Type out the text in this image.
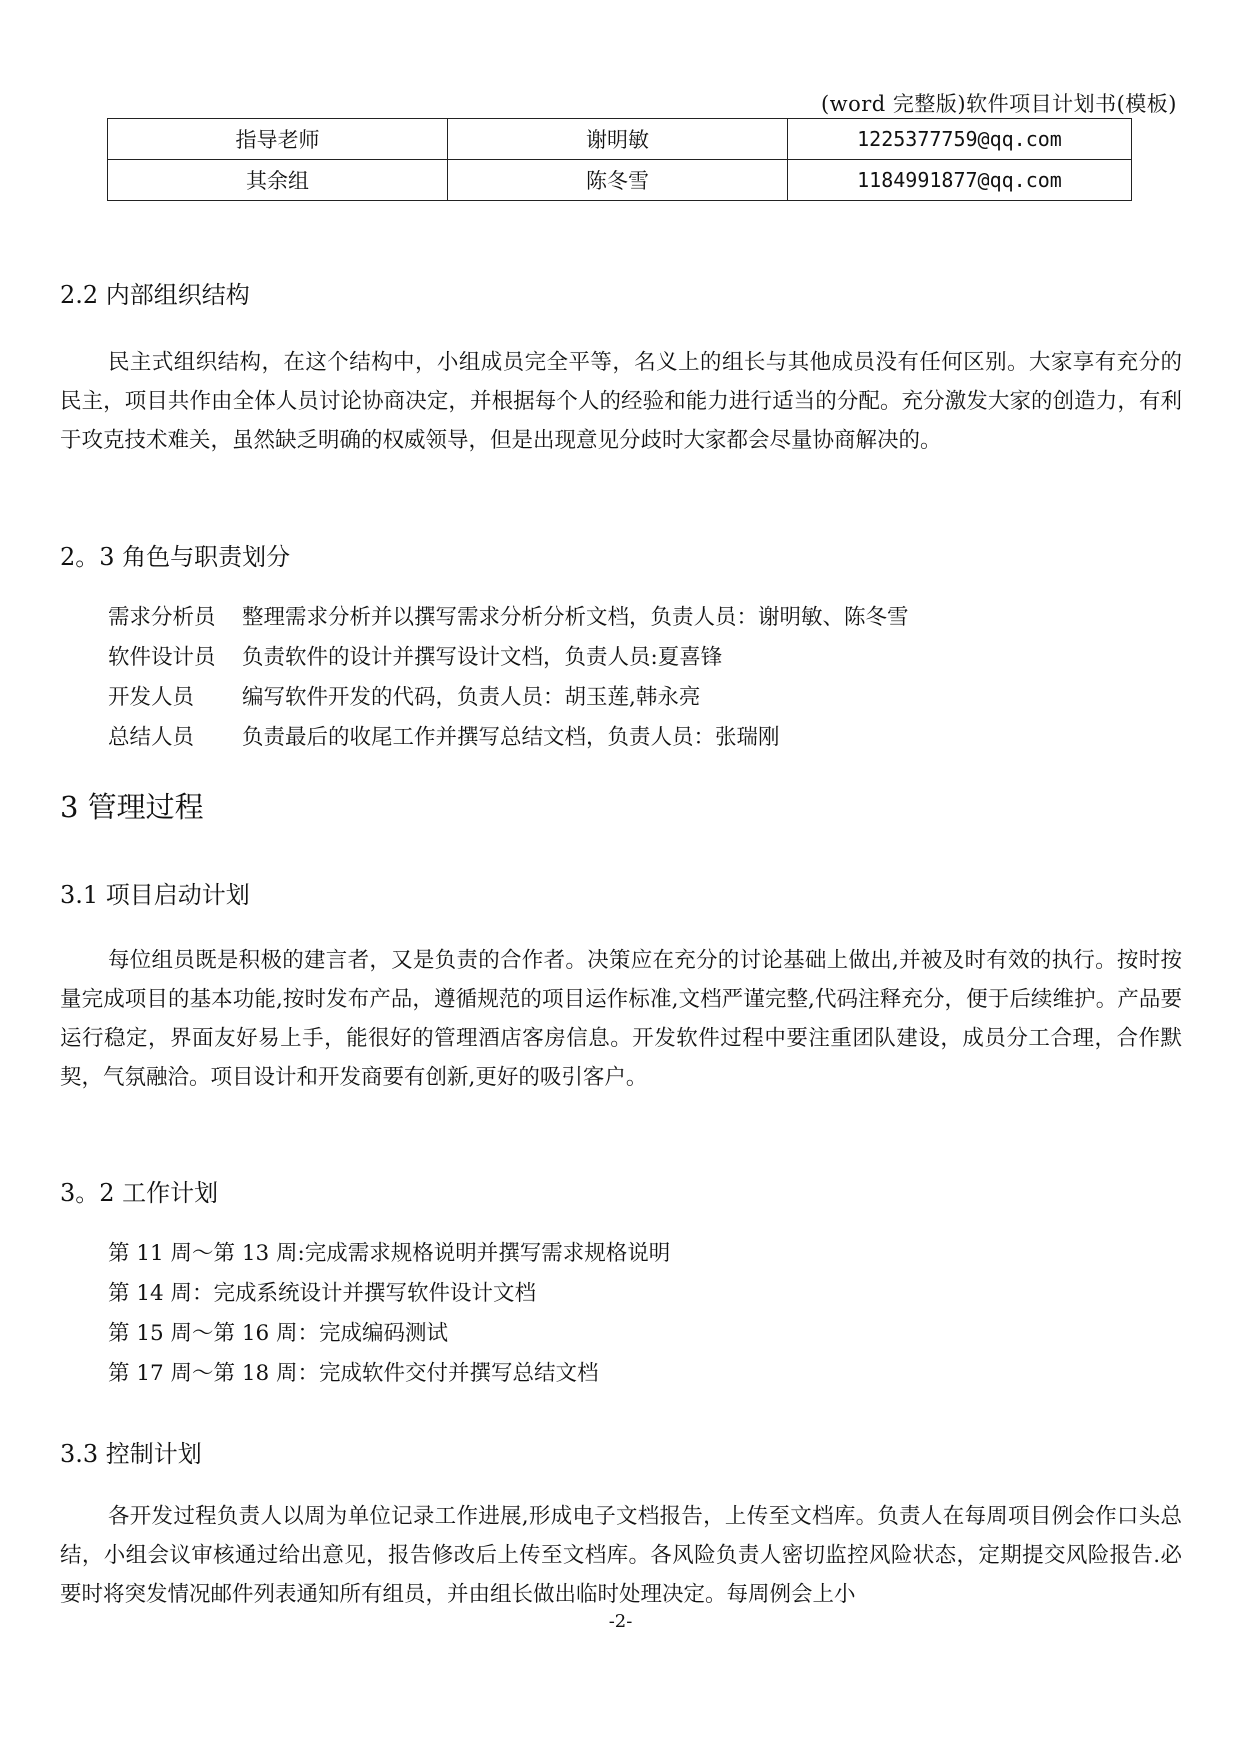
(word 完整版)软件项目计划书(模板)
指导老师	谢明敏	1225377759@qq.com
其余组	陈冬雪	1184991877@qq.com
2.2 内部组织结构
民主式组织结构，在这个结构中，小组成员完全平等，名义上的组长与其他成员没有任何区别。大家享有充分的民主，项目共作由全体人员讨论协商决定，并根据每个人的经验和能力进行适当的分配。充分激发大家的创造力，有利于攻克技术难关，虽然缺乏明确的权威领导，但是出现意见分歧时大家都会尽量协商解决的。
2。3 角色与职责划分
需求分析员 整理需求分析并以撰写需求分析分析文档，负责人员：谢明敏、陈冬雪
软件设计员 负责软件的设计并撰写设计文档，负责人员:夏喜锋
开发人员 编写软件开发的代码，负责人员：胡玉莲,韩永亮
总结人员 负责最后的收尾工作并撰写总结文档，负责人员：张瑞刚
3 管理过程
3.1 项目启动计划
每位组员既是积极的建言者，又是负责的合作者。决策应在充分的讨论基础上做出,并被及时有效的执行。按时按量完成项目的基本功能,按时发布产品，遵循规范的项目运作标准,文档严谨完整,代码注释充分，便于后续维护。产品要运行稳定，界面友好易上手，能很好的管理酒店客房信息。开发软件过程中要注重团队建设，成员分工合理，合作默契，气氛融洽。项目设计和开发商要有创新,更好的吸引客户。
3。2 工作计划
第 11 周～第 13 周:完成需求规格说明并撰写需求规格说明
第 14 周：完成系统设计并撰写软件设计文档
第 15 周～第 16 周：完成编码测试
第 17 周～第 18 周：完成软件交付并撰写总结文档
3.3 控制计划
各开发过程负责人以周为单位记录工作进展,形成电子文档报告，上传至文档库。负责人在每周项目例会作口头总结，小组会议审核通过给出意见，报告修改后上传至文档库。各风险负责人密切监控风险状态，定期提交风险报告.必要时将突发情况邮件列表通知所有组员，并由组长做出临时处理决定。每周例会上小
-2-
